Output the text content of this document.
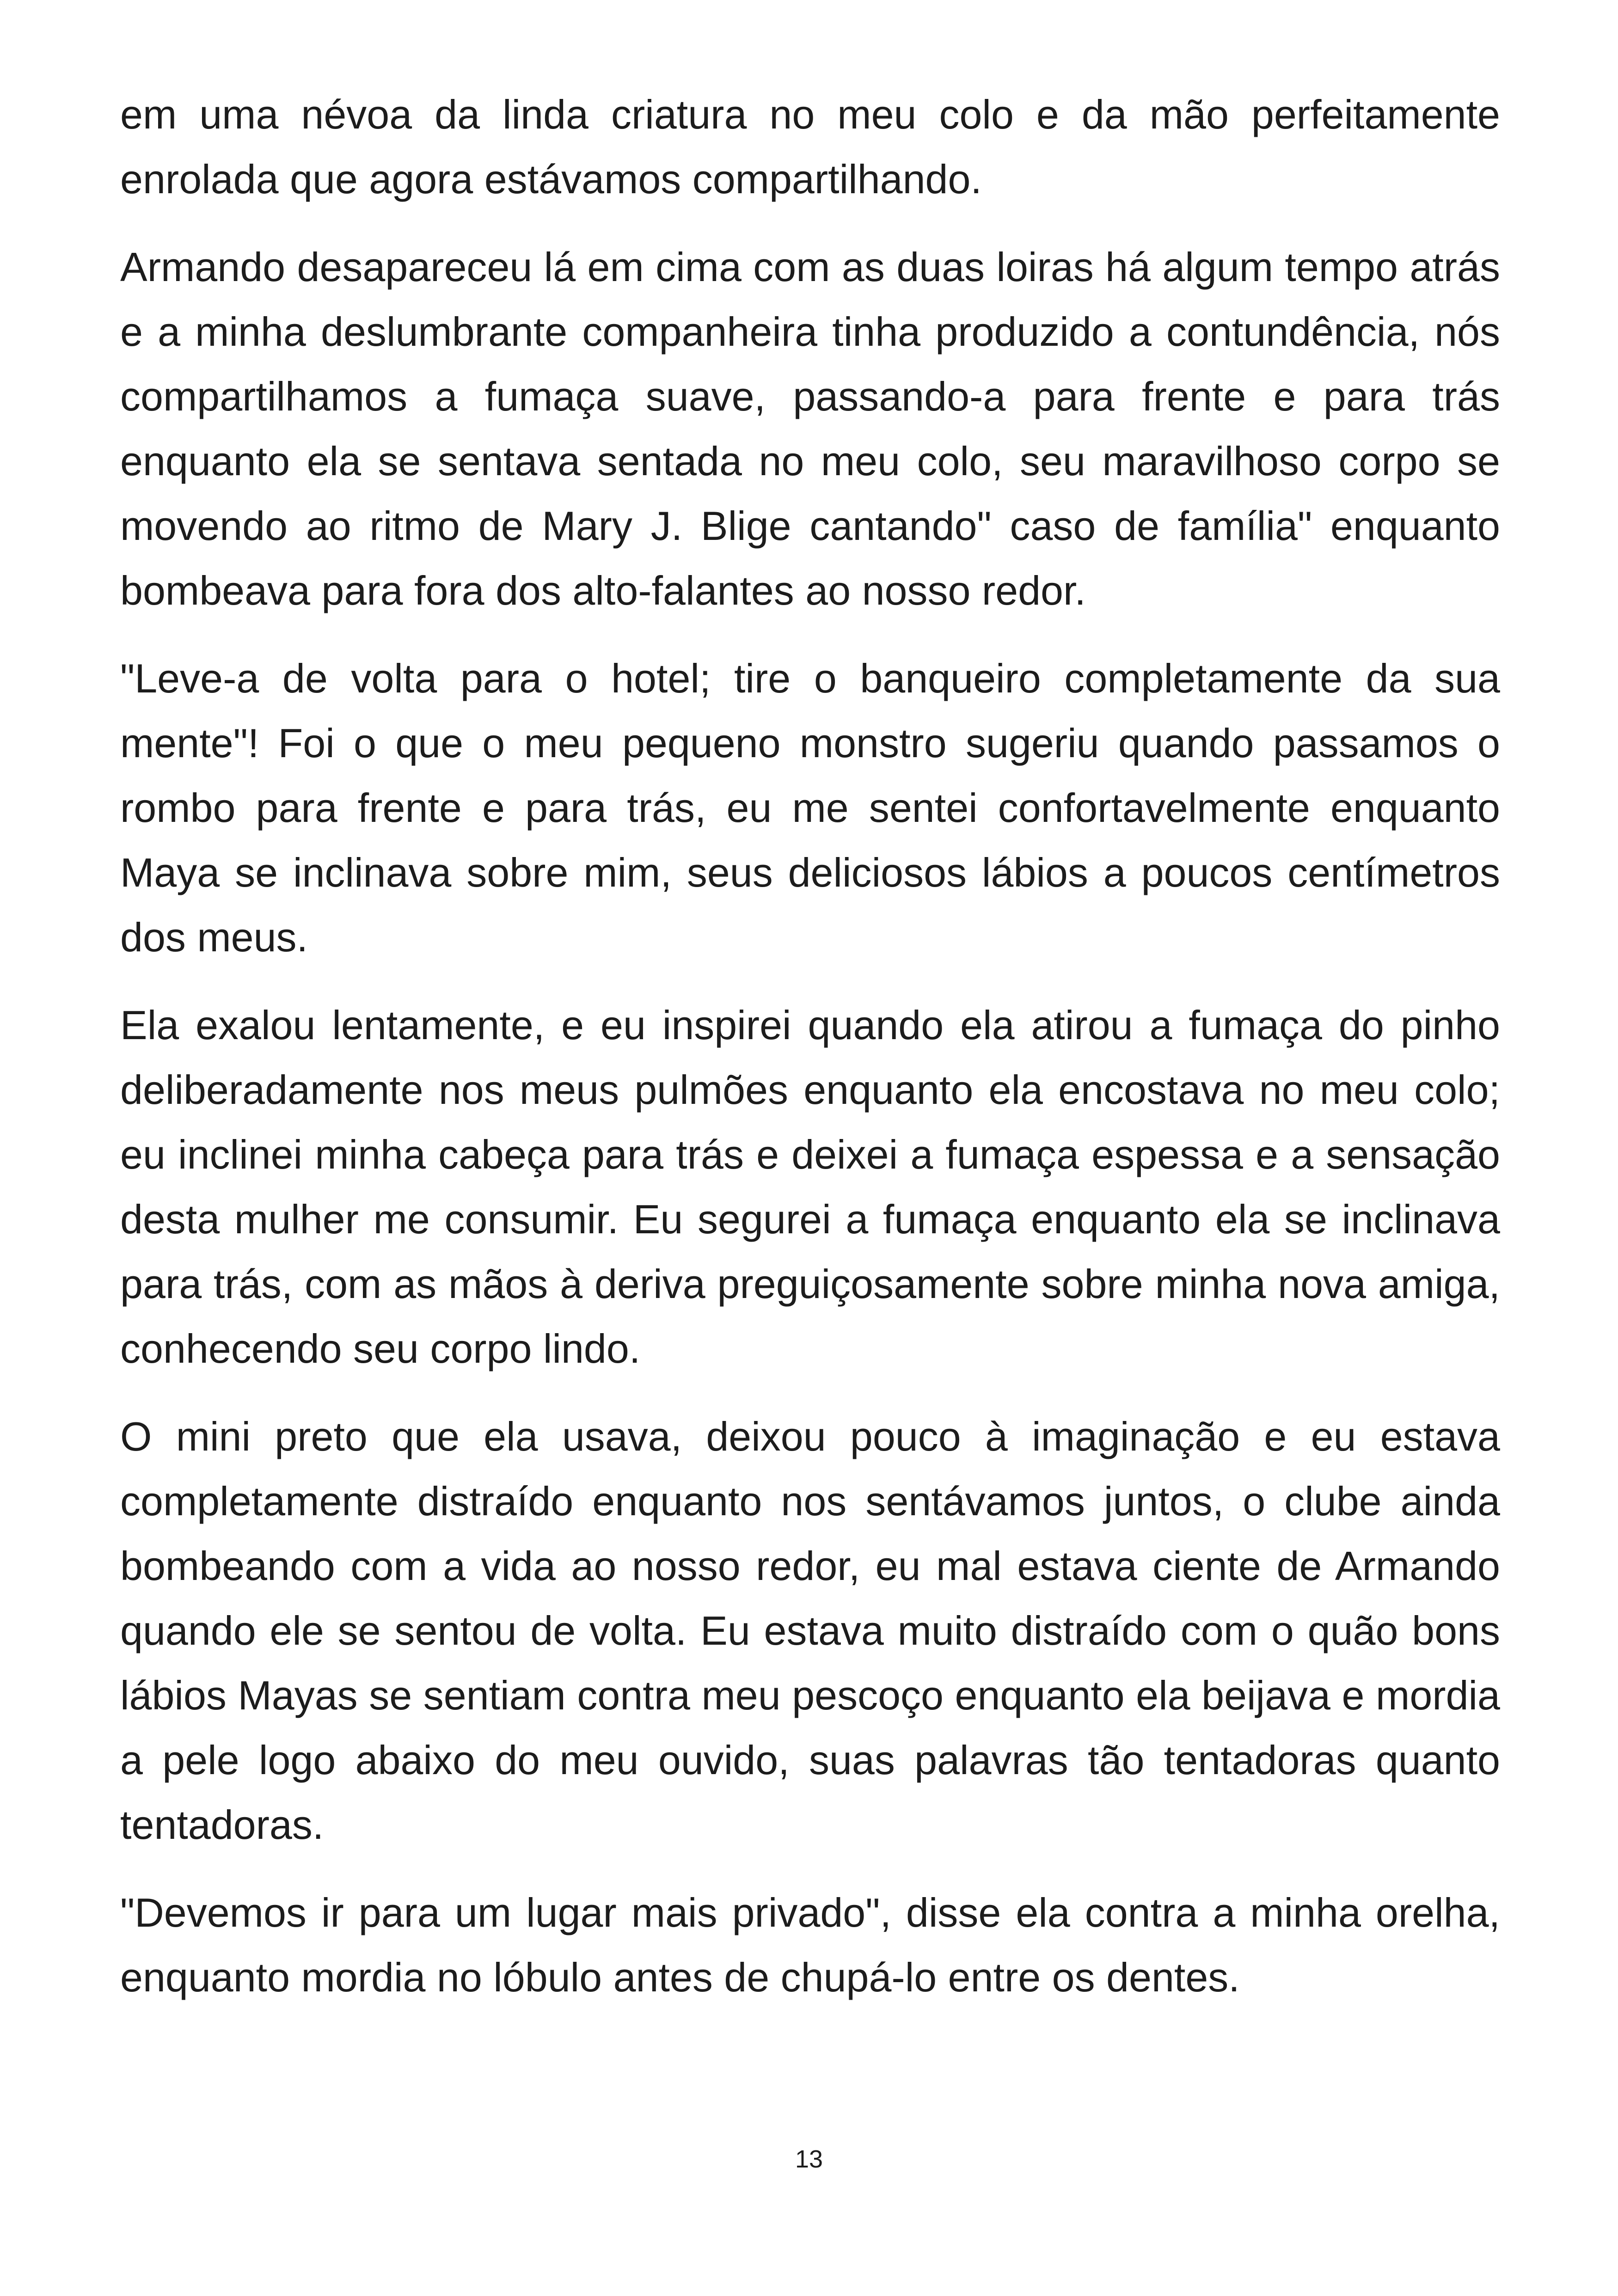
em uma névoa da linda criatura no meu colo e da mão perfeitamente enrolada que agora estávamos compartilhando.

Armando desapareceu lá em cima com as duas loiras há algum tempo atrás e a minha deslumbrante companheira tinha produzido a contundência, nós compartilhamos a fumaça suave, passando-a para frente e para trás enquanto ela se sentava sentada no meu colo, seu maravilhoso corpo se movendo ao ritmo de Mary J. Blige cantando" caso de família" enquanto bombeava para fora dos alto-falantes ao nosso redor.

"Leve-a de volta para o hotel; tire o banqueiro completamente da sua mente"! Foi o que o meu pequeno monstro sugeriu quando passamos o rombo para frente e para trás, eu me sentei confortavelmente enquanto Maya se inclinava sobre mim, seus deliciosos lábios a poucos centímetros dos meus.

Ela exalou lentamente, e eu inspirei quando ela atirou a fumaça do pinho deliberadamente nos meus pulmões enquanto ela encostava no meu colo; eu inclinei minha cabeça para trás e deixei a fumaça espessa e a sensação desta mulher me consumir. Eu segurei a fumaça enquanto ela se inclinava para trás, com as mãos à deriva preguiçosamente sobre minha nova amiga, conhecendo seu corpo lindo.

O mini preto que ela usava, deixou pouco à imaginação e eu estava completamente distraído enquanto nos sentávamos juntos, o clube ainda bombeando com a vida ao nosso redor, eu mal estava ciente de Armando quando ele se sentou de volta. Eu estava muito distraído com o quão bons lábios Mayas se sentiam contra meu pescoço enquanto ela beijava e mordia a pele logo abaixo do meu ouvido, suas palavras tão tentadoras quanto tentadoras.

"Devemos ir para um lugar mais privado", disse ela contra a minha orelha, enquanto mordia no lóbulo antes de chupá-lo entre os dentes.

13
